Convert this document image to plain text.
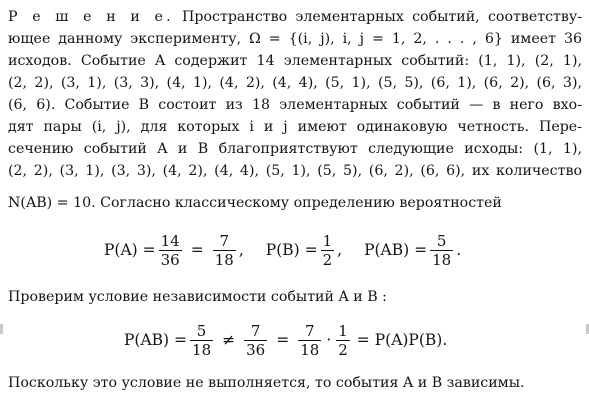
Р е ш е н и е. Пространство элементарных событий, соответству-
ющее данному эксперименту, Ω = {(i, j), i, j = 1, 2, . . . , 6} имеет 36
исходов. Событие A содержит 14 элементарных событий: (1, 1), (2, 1),
(2, 2), (3, 1), (3, 3), (4, 1), (4, 2), (4, 4), (5, 1), (5, 5), (6, 1), (6, 2), (6, 3),
(6, 6). Событие B состоит из 18 элементарных событий — в него вхо-
дят пары (i, j), для которых i и j имеют одинаковую четность. Пере-
сечению событий A и B благоприятствуют следующие исходы: (1, 1),
(2, 2), (3, 1), (3, 3), (4, 2), (4, 4), (5, 1), (5, 5), (6, 2), (6, 6), их количество
N(AB) = 10. Согласно классическому определению вероятностей
$P(A) = \frac{14}{36} = \frac{7}{18}$ , $P(B) = \frac{1}{2}$ , $P(AB) = \frac{5}{18}$ .
Проверим условие независимости событий A и B :
$P(AB) = \frac{5}{18} \ne \frac{7}{36} = \frac{7}{18} \cdot \frac{1}{2} = P(A)P(B)$.
Поскольку это условие не выполняется, то события A и B зависимы.
